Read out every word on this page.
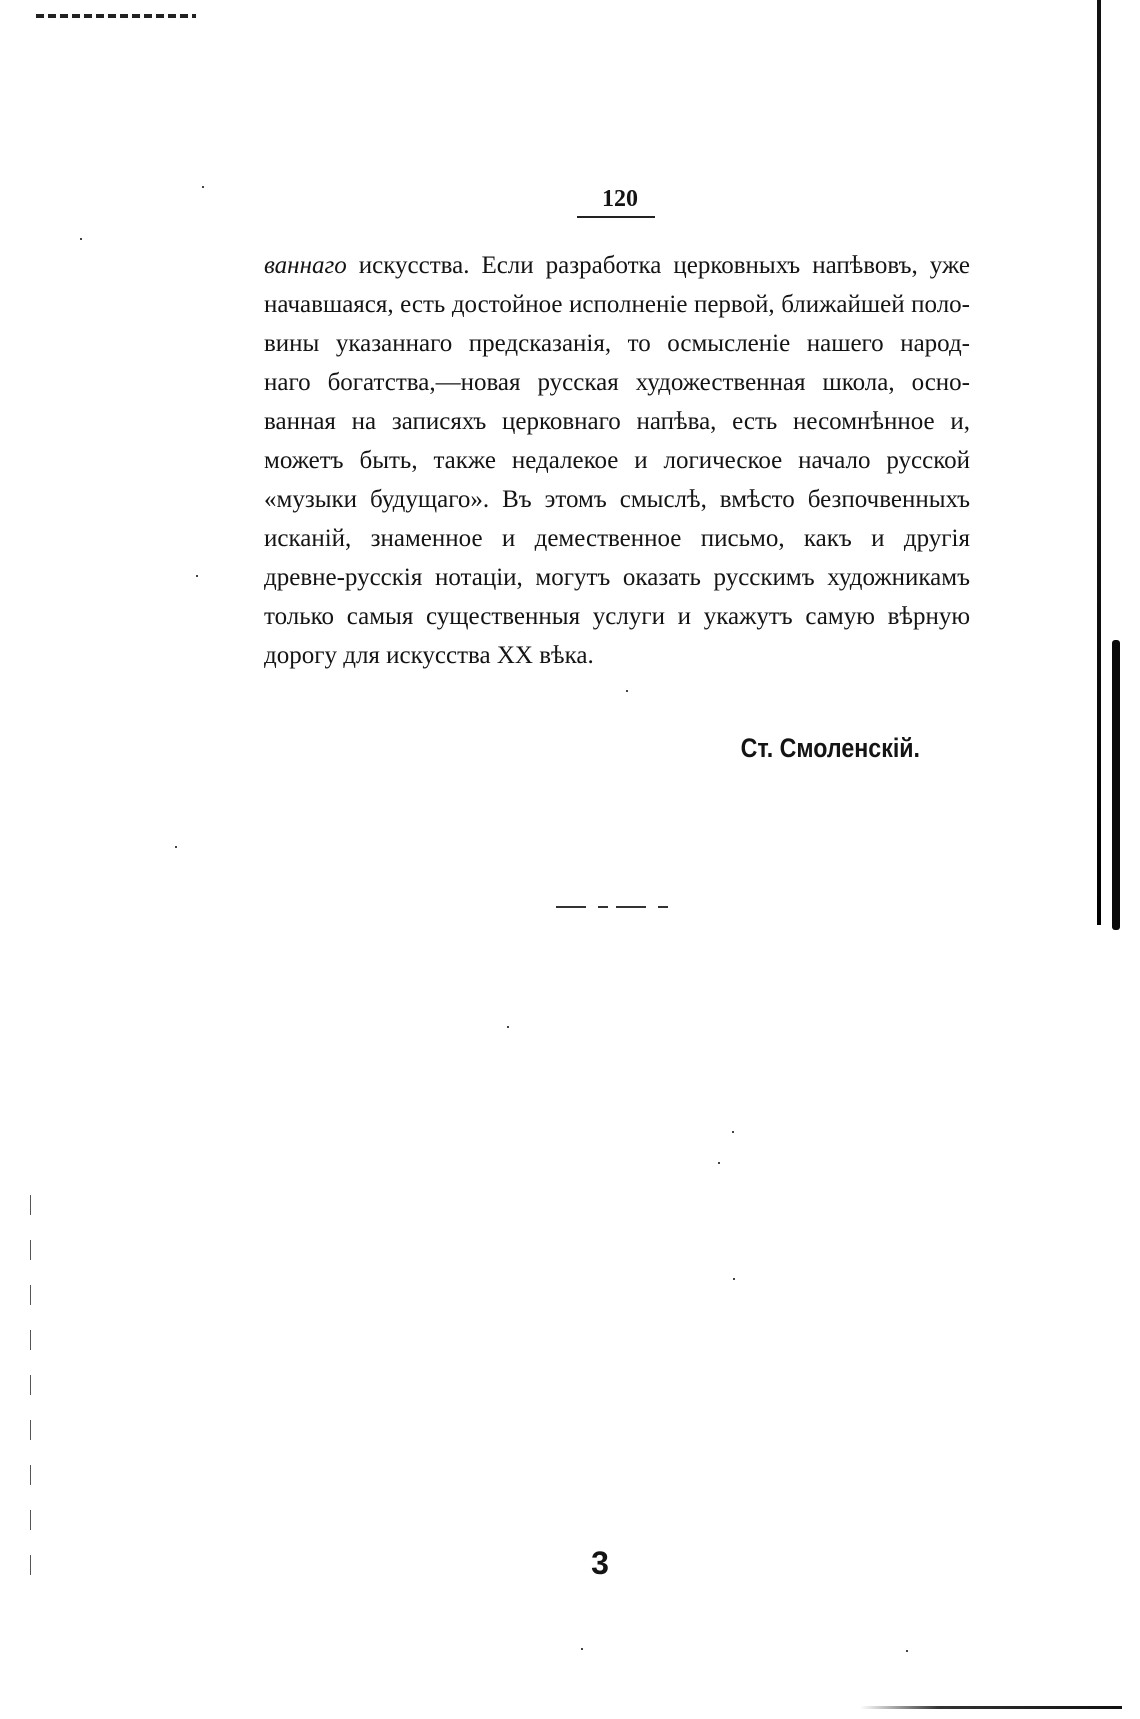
120
ваннаго искусства. Если разработка церковныхъ напѣвовъ, уже
начавшаяся, есть достойное исполненіе первой, ближайшей поло-
вины указаннаго предсказанія, то осмысленіе нашего народ-
наго богатства,—новая русская художественная школа, осно-
ванная на записяхъ церковнаго напѣва, есть несомнѣнное и,
можетъ быть, также недалекое и логическое начало русской
«музыки будущаго». Въ этомъ смыслѣ, вмѣсто безпочвенныхъ
исканій, знаменное и демественное письмо, какъ и другія
древне-русскія нотаціи, могутъ оказать русскимъ художникамъ
только самыя существенныя услуги и укажутъ самую вѣрную
дорогу для искусства XX вѣка.
Ст. Смоленскій.
3
